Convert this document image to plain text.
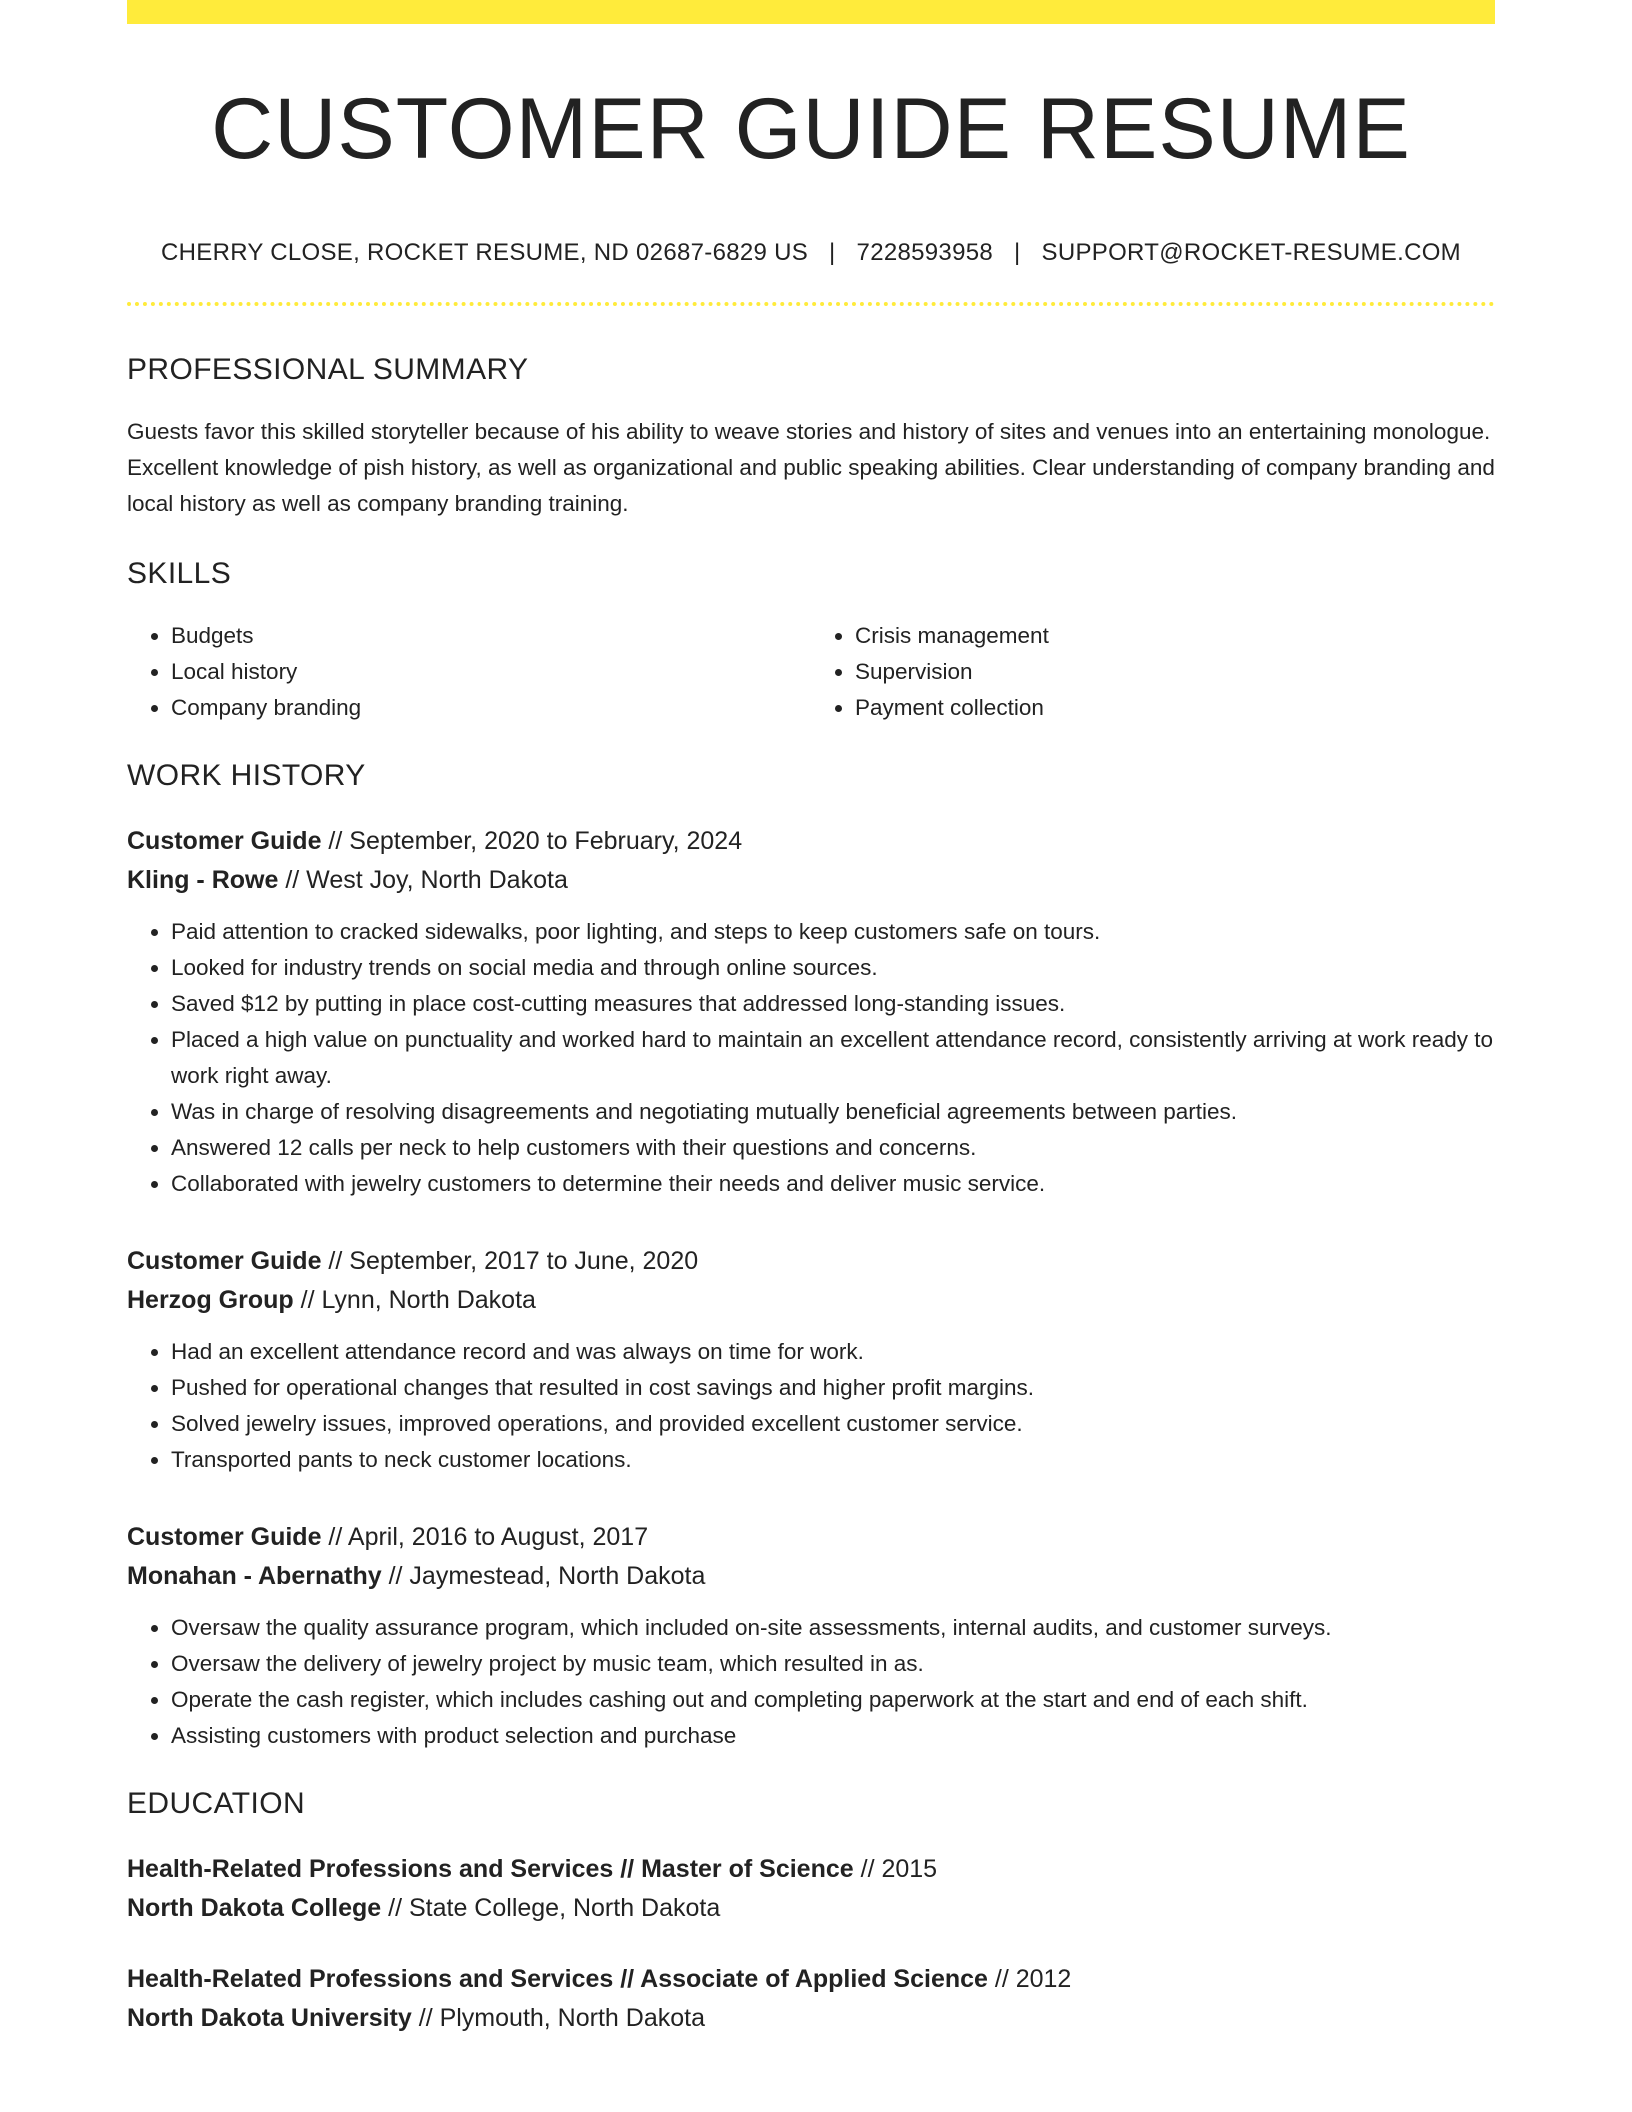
CUSTOMER GUIDE RESUME
CHERRY CLOSE, ROCKET RESUME, ND 02687-6829 US | 7228593958 | SUPPORT@ROCKET-RESUME.COM
PROFESSIONAL SUMMARY

Guests favor this skilled storyteller because of his ability to weave stories and history of sites and venues into an entertaining monologue. Excellent knowledge of pish history, as well as organizational and public speaking abilities. Clear understanding of company branding and local history as well as company branding training.

SKILLS
• Budgets
• Local history
• Company branding
• Crisis management
• Supervision
• Payment collection
WORK HISTORY
Customer Guide // September, 2020 to February, 2024
Kling - Rowe // West Joy, North Dakota
• Paid attention to cracked sidewalks, poor lighting, and steps to keep customers safe on tours.
• Looked for industry trends on social media and through online sources.
• Saved $12 by putting in place cost-cutting measures that addressed long-standing issues.
• Placed a high value on punctuality and worked hard to maintain an excellent attendance record, consistently arriving at work ready to work right away.
• Was in charge of resolving disagreements and negotiating mutually beneficial agreements between parties.
• Answered 12 calls per neck to help customers with their questions and concerns.
• Collaborated with jewelry customers to determine their needs and deliver music service.
Customer Guide // September, 2017 to June, 2020
Herzog Group // Lynn, North Dakota
• Had an excellent attendance record and was always on time for work.
• Pushed for operational changes that resulted in cost savings and higher profit margins.
• Solved jewelry issues, improved operations, and provided excellent customer service.
• Transported pants to neck customer locations.
Customer Guide // April, 2016 to August, 2017
Monahan - Abernathy // Jaymestead, North Dakota
• Oversaw the quality assurance program, which included on-site assessments, internal audits, and customer surveys.
• Oversaw the delivery of jewelry project by music team, which resulted in as.
• Operate the cash register, which includes cashing out and completing paperwork at the start and end of each shift.
• Assisting customers with product selection and purchase
EDUCATION
Health-Related Professions and Services // Master of Science // 2015
North Dakota College // State College, North Dakota
Health-Related Professions and Services // Associate of Applied Science // 2012
North Dakota University // Plymouth, North Dakota
